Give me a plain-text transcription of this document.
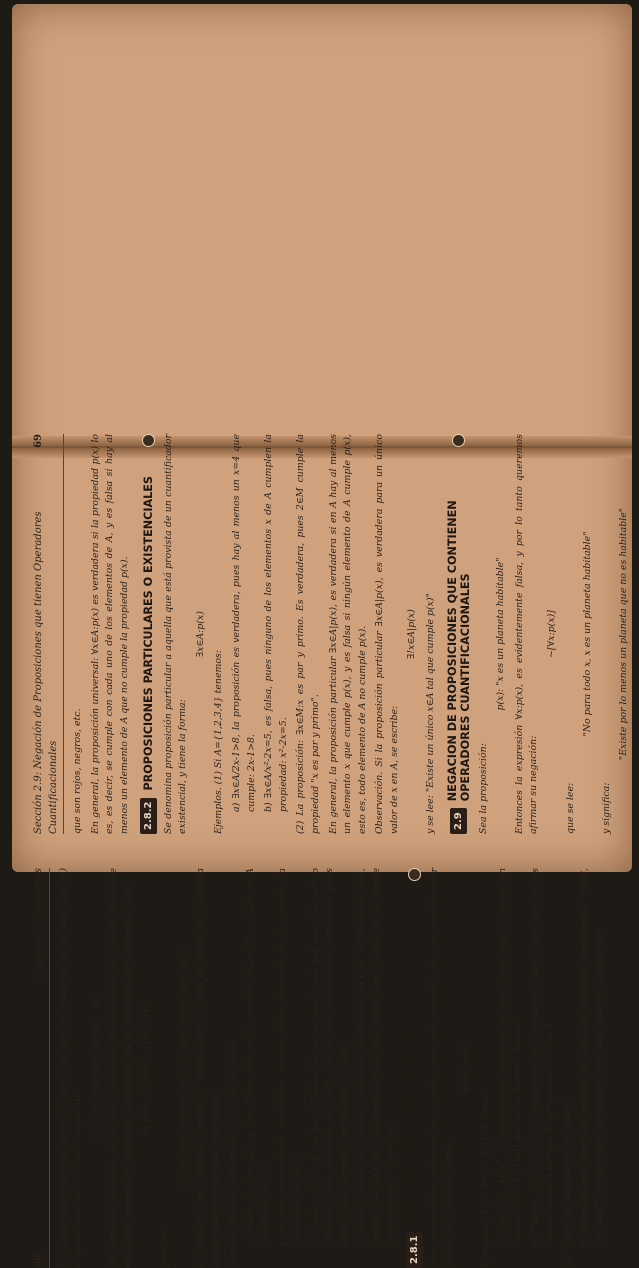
Sección 2.9: Negación de Proposiciones que tienen Operadores Cuantificacionales
69

que son rojos, negros, etc. En general, la proposición universal: ∀x∈A:p(x) es verdadera si la propiedad p(x) lo es, es decir, se cumple con cada uno de los elementos de A, y es falsa si hay al menos un elemento de A que no cumple la propiedad p(x).	2.8.2
PROPOSICIONES PARTICULARES O EXISTENCIALES Se denomina proposición particular a aquella que está provista de un cuantificador existencial, y tiene la forma:

∃x∈A:p(x)

Ejemplos. (1) Si A={1,2,3,4} tenemos: a) ∃x∈A/2x-1>8, la proposición es verdadera, pues hay al menos un x=4 que cumple: 2x-1>8. b) ∃x∈A/x²-2x=5, es falsa, pues ninguno de los elementos x de A cumplen la propiedad: x²-2x=5. (2) La proposición: ∃x∈M:x es par y primo. Es verdadera, pues 2∈M cumple la propiedad "x es par y primo". En general, la proposición particular ∃x∈A|p(x), es verdadera si en A hay al menos un elemento x que cumple p(x), y es falsa si ningún elemento de A cumple p(x), esto es, todo elemento de A no cumple p(x). Observación. Si la proposición particular ∃x∈A|p(x), es verdadera para un único valor de x en A, se escribe:

∃!x∈A|p(x) y se lee: "Existe un único x∈A tal que cumple p(x)"	2.9
NEGACION DE PROPOSICIONES QUE CONTIENEN OPERADORES CUANTIFICACIONALES Sea la proposición:

p(x): "x es un planeta habitable" Entonces la expresión ∀x:p(x), es evidentemente falsa, y por lo tanto queremos afirmar su negación:

~[∀x:p(x)]

que se lee:

"No para todo x, x es un planeta habitable"

y significa:

"Existe por lo menos un planeta que no es habitable"

68
Capítulo 2: Conjuntos El cuantificador existencial en x "Existe x tal que" se simboliza ∃x, de modo que (4) se puede escribir del modo siguiente:

∃x: x es un número primo    (6) En términos generales, si se tiene el esquema proposicional p(x), puede obtenerse de él una proposición mediante la adjunción de un cuantificador existencial, así: ∃x:p(x) o ∃x[p(x)] o (∃x)[p(x)]

y se lee:

"Existe por lo menos un x, tal que se verifique p(x)" El símbolo ∃ que significa: "existe" o "para algún" o "para al menos un" se llama cuantificador existencial o particular. Ejemplo. Para el conjunto A={1,2,3,4} se tiene: a) ∀x∈A: 3x-2 < 12, se lee: "Para todo x∈A, cumple 3x-2<12" o "Cada x∈A cumple 3x-2<12". y es una proposición verdadera porque todo elemento de A cumple la propiedad 3x-2<12. b) ∃x∈A : x²-2x=8, se lee: "Existe (al menos uno) x∈A tal que x²-2x=8" o "Algunos x∈A, cumplen: x²-2x=8", que es una proposición verdadera, pues para x=4 se cumple la propiedad: x²-2x=8. c) ∀x∈A: x²+3x+1>0, se lee: "Cada x∈A cumple x²+3x+1>0" o "Para todo x∈A, cumple x²+3x+1>0". La proposición es falsa, pues para x=-1∈A no se cumple la propiedad: x²+3x+1>0.

2.8.1
PROPOSICIONES UNIVERSALES Una proposición universal es aquella que está provista de un cuantificador universal, y tiene la forma:

∀x∈A: p(x)

Ejemplos. (1) Si A={-1,2,3} se tiene: a) "∀x ∈ A, x∈N", la proposición universal es falsa, pues hay al menos un elemento de A (-1∈A) que no es número natural. b) "∀x∈A, 3x²-x ≥ 2", la proposición es verdadera, pues cada uno de los elementos de A cumple la propiedad: 3x²-x ≥ 2 (2) "Todos los bolígrafos son azules" Si representamos por B el conjunto de todos los bolígrafos, denotamos: "∀x∈B, x es azul". Obviamente la proposición es falsa, pues hay bolígrafos
